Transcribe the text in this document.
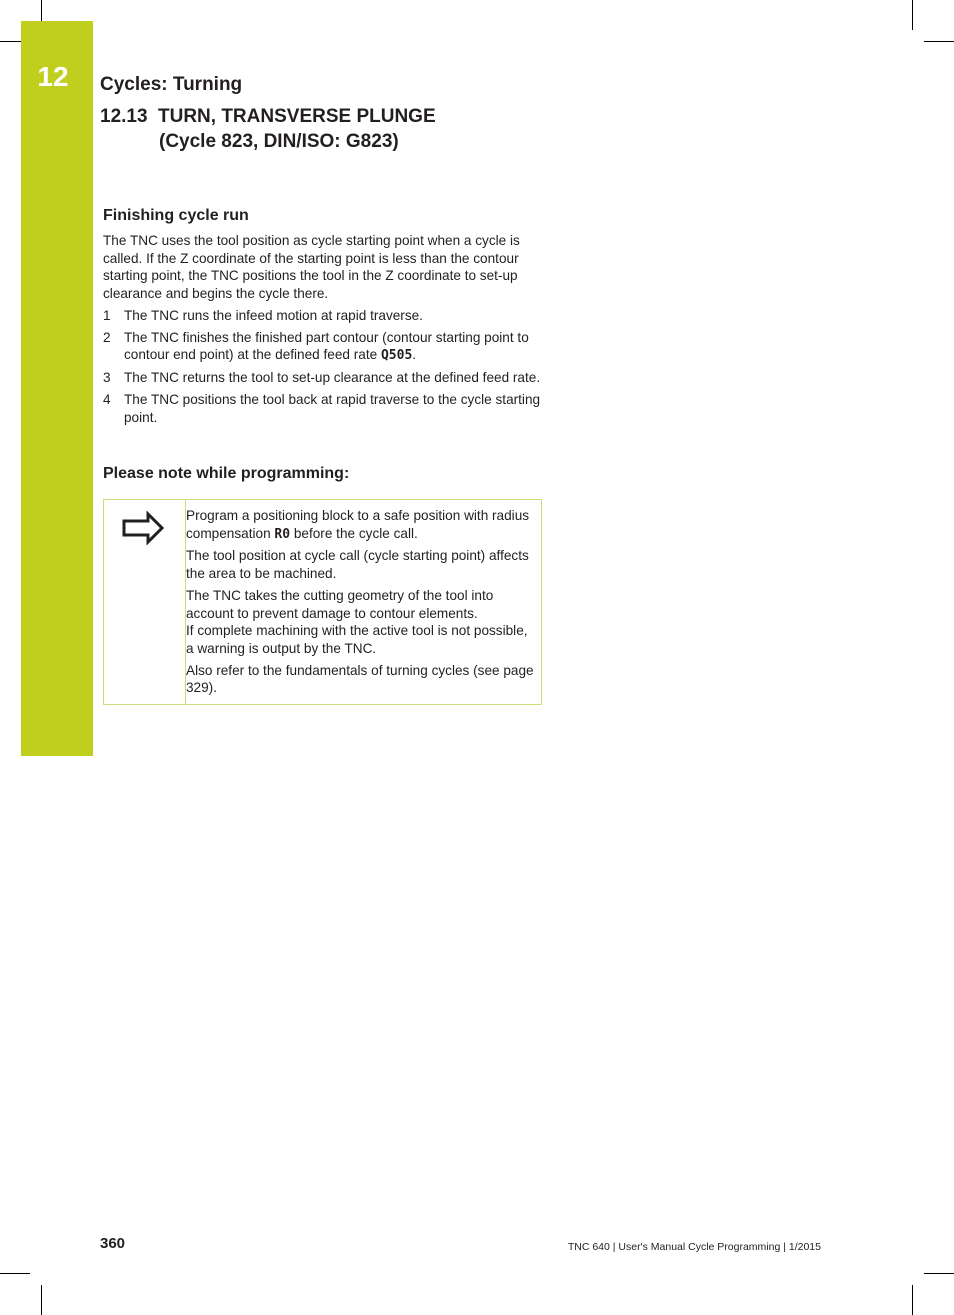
12	Cycles: Turning
12.13 TURN, TRANSVERSE PLUNGE
(Cycle 823, DIN/ISO: G823)
Finishing cycle run

The TNC uses the tool position as cycle starting point when a cycle is called. If the Z coordinate of the starting point is less than the contour starting point, the TNC positions the tool in the Z coordinate to set-up clearance and begins the cycle there.

1 The TNC runs the infeed motion at rapid traverse.
2 The TNC finishes the finished part contour (contour starting point to contour end point) at the defined feed rate Q505.
3 The TNC returns the tool to set-up clearance at the defined feed rate.
4 The TNC positions the tool back at rapid traverse to the cycle starting point.
Please note while programming:

Program a positioning block to a safe position with radius compensation R0 before the cycle call.

The tool position at cycle call (cycle starting point) affects the area to be machined.

The TNC takes the cutting geometry of the tool into account to prevent damage to contour elements.
If complete machining with the active tool is not possible, a warning is output by the TNC.

Also refer to the fundamentals of turning cycles (see page 329).

360	TNC 640 | User's Manual Cycle Programming | 1/2015
